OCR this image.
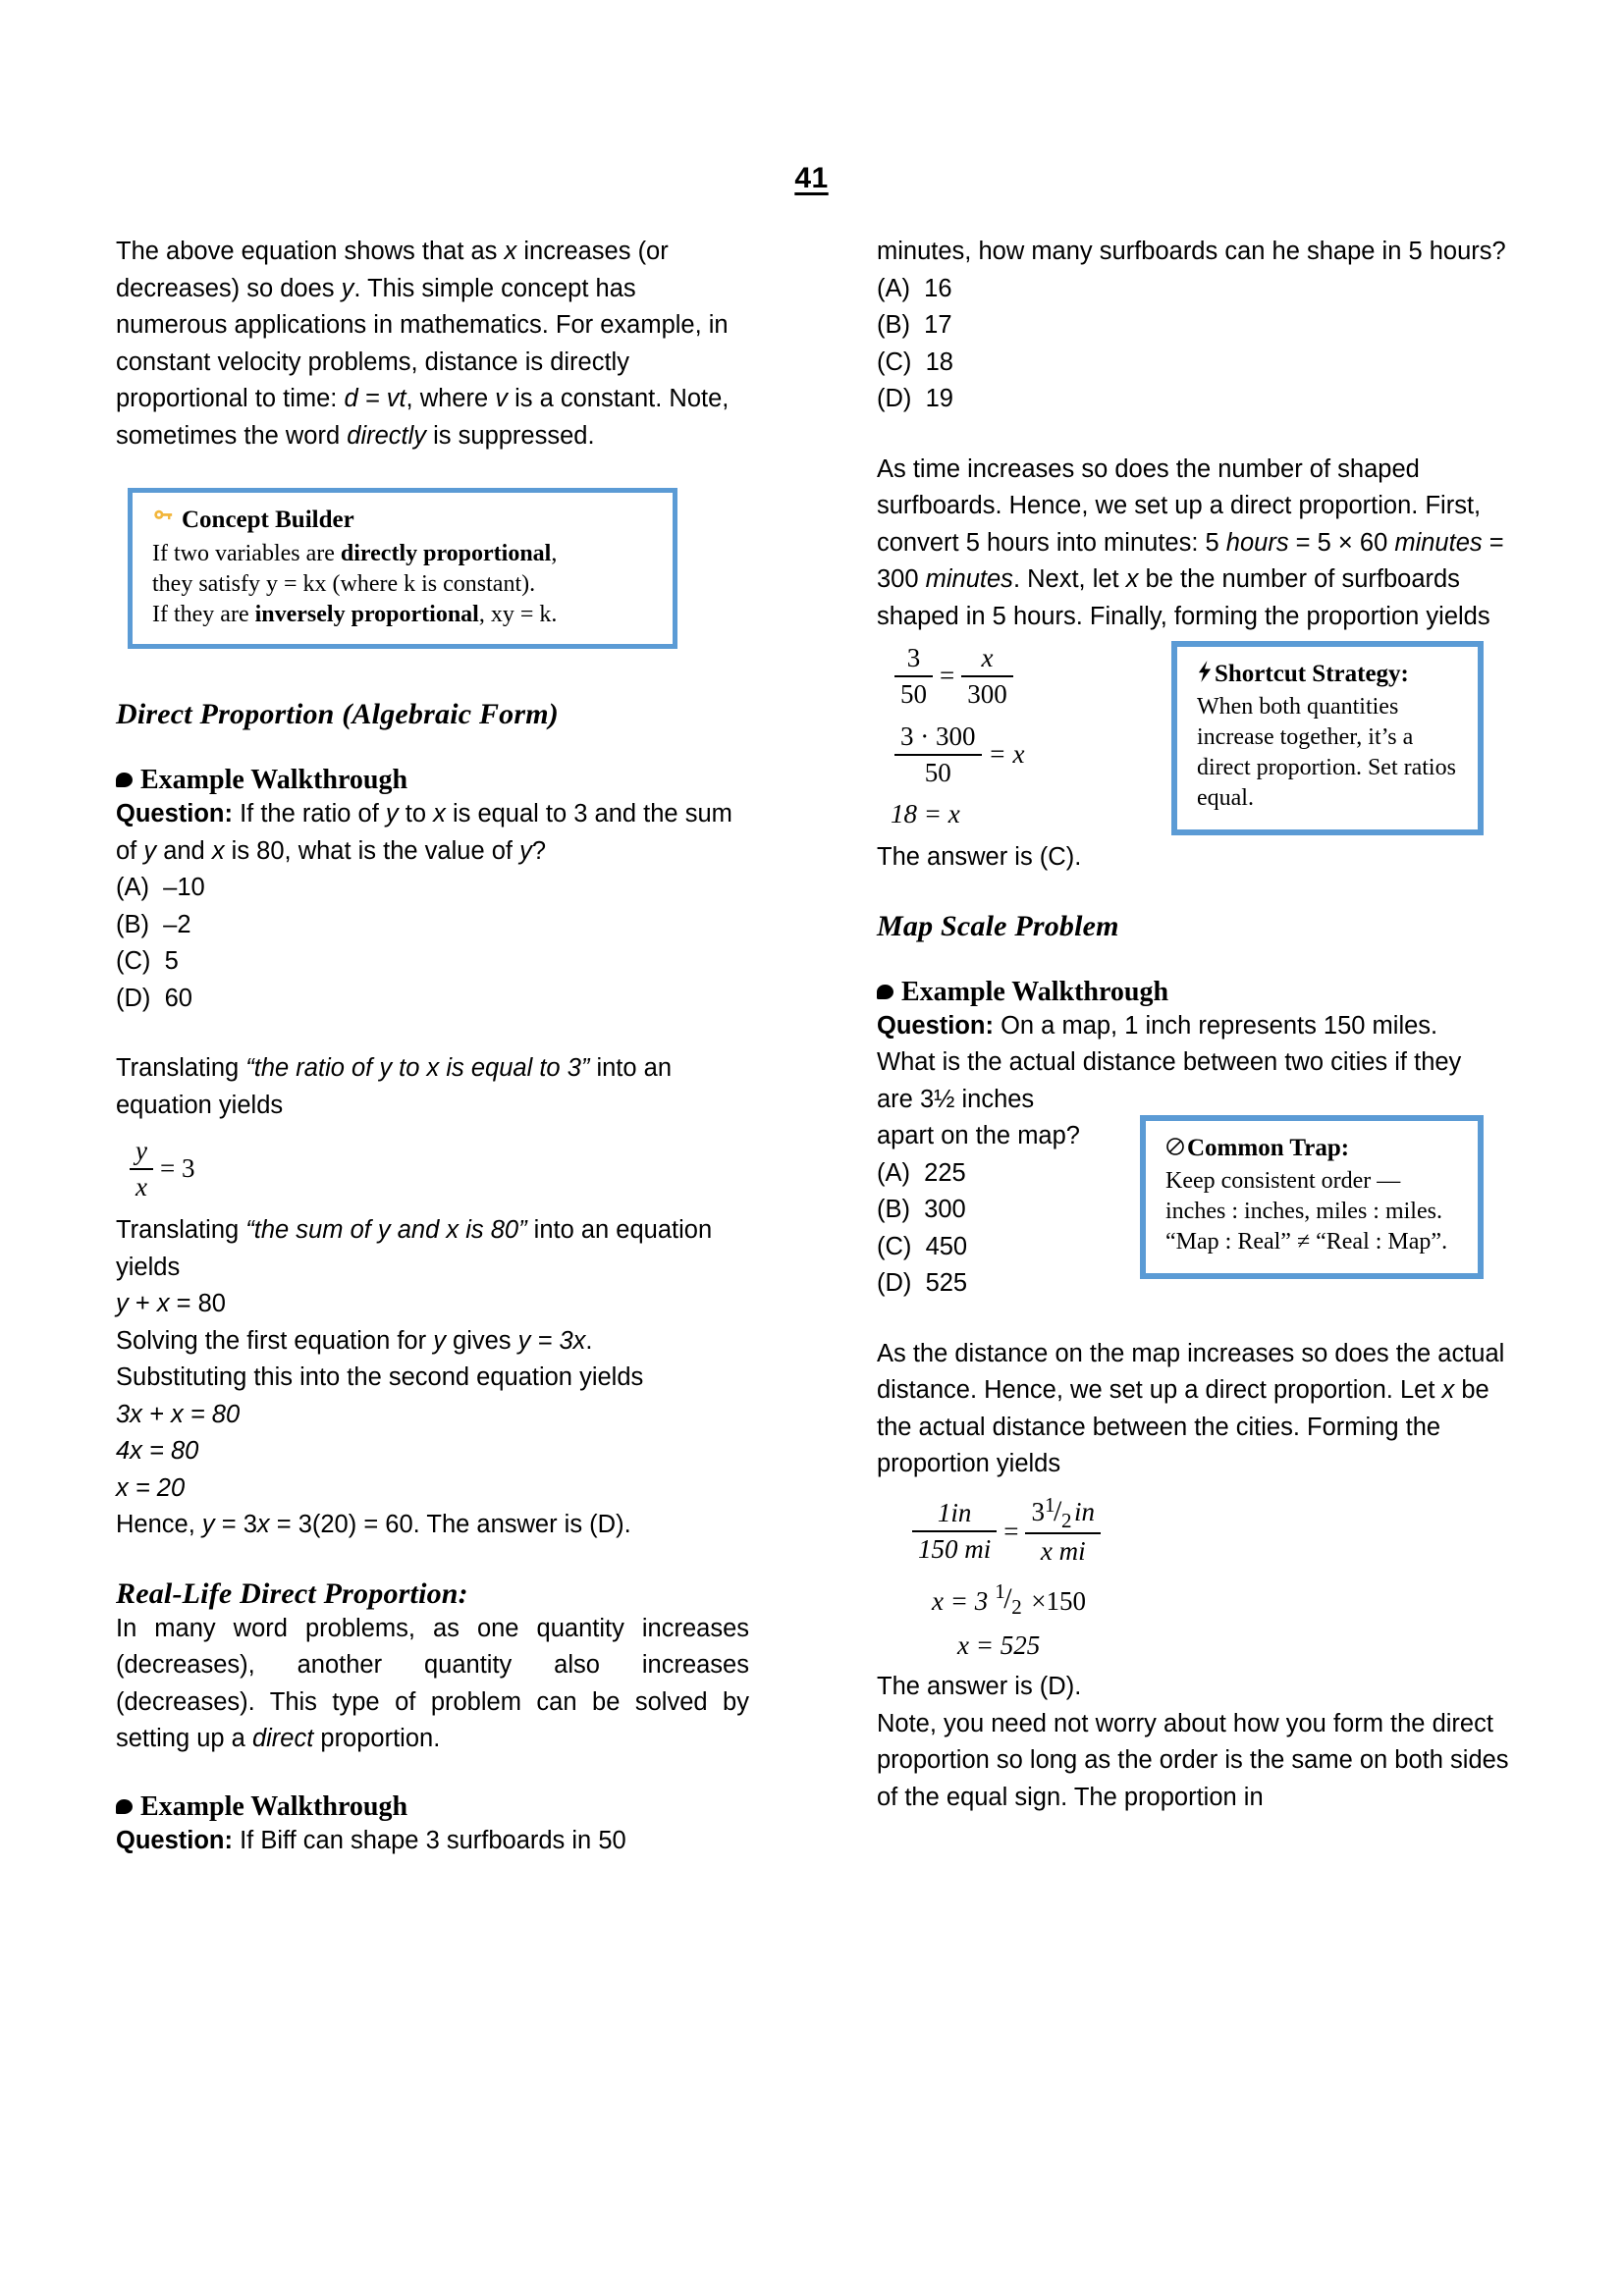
41

The above equation shows that as x increases (or decreases) so does y. This simple concept has numerous applications in mathematics. For example, in constant velocity problems, distance is directly proportional to time: d = vt, where v is a constant. Note, sometimes the word directly is suppressed.

Concept Builder
If two variables are directly proportional,
they satisfy y = kx (where k is constant).
If they are inversely proportional, xy = k.
Direct Proportion (Algebraic Form)
Example Walkthrough

Question: If the ratio of y to x is equal to 3 and the sum of y and x is 80, what is the value of y?

(A)  –10
(B)  –2
(C)  5
(D)  60

Translating “the ratio of y to x is equal to 3” into an equation yields

$\frac{y}{x} = 3$

Translating “the sum of y and x is 80” into an equation yields

y + x = 80

Solving the first equation for y gives y = 3x.

Substituting this into the second equation yields

3x + x = 80

4x = 80

x = 20

Hence, y = 3x = 3(20) = 60. The answer is (D).

Real-Life Direct Proportion:

In many word problems, as one quantity increases (decreases), another quantity also increases (decreases). This type of problem can be solved by setting up a direct proportion.

Example Walkthrough

Question: If Biff can shape 3 surfboards in 50

minutes, how many surfboards can he shape in 5 hours?

(A)  16
(B)  17
(C)  18
(D)  19

As time increases so does the number of shaped surfboards. Hence, we set up a direct proportion. First, convert 5 hours into minutes: 5 hours = 5 × 60 minutes = 300 minutes. Next, let x be the number of surfboards shaped in 5 hours. Finally, forming the proportion yields

$\frac{3}{50} = \frac{x}{300}$
$\frac{3 \cdot 300}{50} = x$
18 = x
Shortcut Strategy:
When both quantities increase together, it’s a direct proportion. Set ratios equal.

The answer is (C).

Map Scale Problem
Example Walkthrough

Question: On a map, 1 inch represents 150 miles.

What is the actual distance between two cities if they

are 3½ inches

apart on the map?

(A)  225
(B)  300
(C)  450
(D)  525
Common Trap:
Keep consistent order —
inches : inches, miles : miles.
“Map : Real” ≠ “Real : Map”.

As the distance on the map increases so does the actual distance. Hence, we set up a direct proportion. Let x be the actual distance between the cities. Forming the proportion yields

$\frac{1in}{150 mi} = 3$ 1
/ 2 in
x mi
x = 3 1
/ 2 ×150
x = 525

The answer is (D).

Note, you need not worry about how you form the direct proportion so long as the order is the same on both sides of the equal sign. The proportion in
